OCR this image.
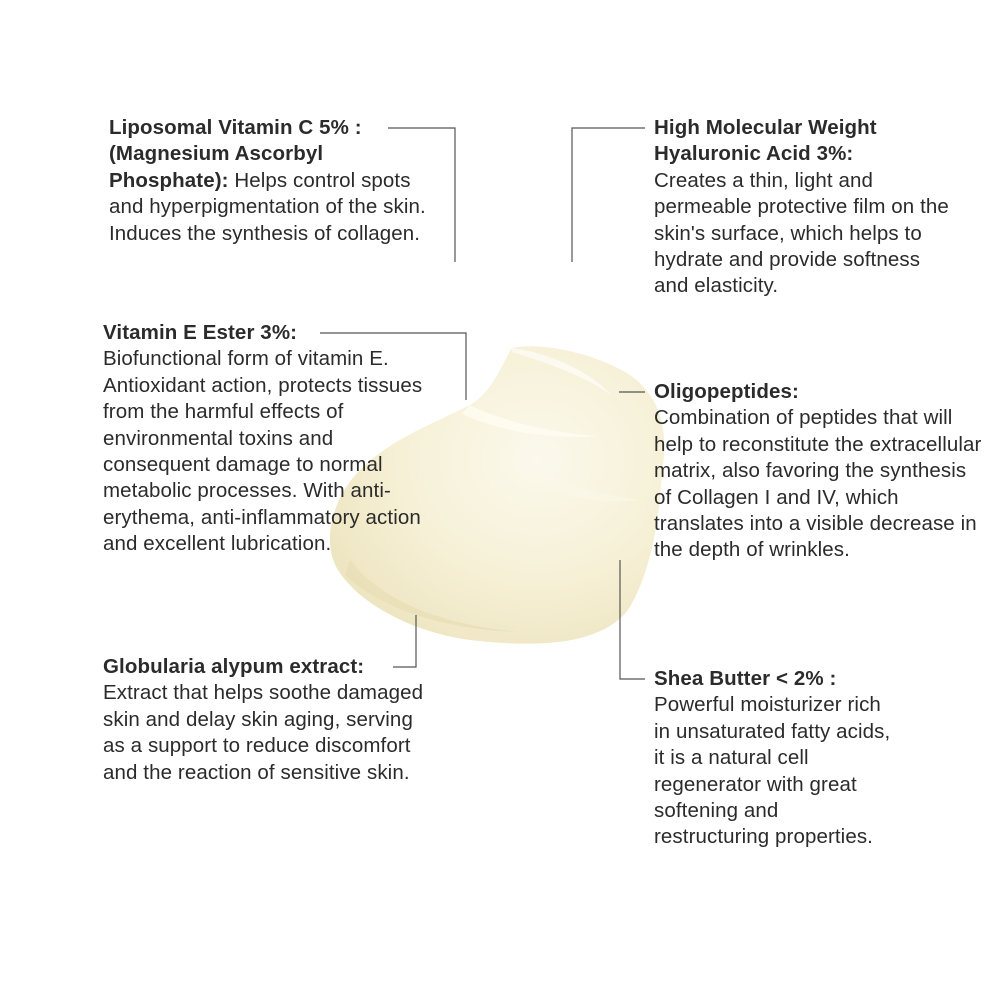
Liposomal Vitamin C 5% : (Magnesium Ascorbyl Phosphate): Helps control spots and hyperpigmentation of the skin. Induces the synthesis of collagen.
Vitamin E Ester 3%:
Biofunctional form of vitamin E. Antioxidant action, protects tissues from the harmful effects of environmental toxins and consequent damage to normal metabolic processes. With anti-erythema, anti-inflammatory action and excellent lubrication.
Globularia alypum extract:
Extract that helps soothe damaged skin and delay skin aging, serving as a support to reduce discomfort and the reaction of sensitive skin.
High Molecular Weight Hyaluronic Acid 3%:
Creates a thin, light and permeable protective film on the skin's surface, which helps to hydrate and provide softness and elasticity.
Oligopeptides:
Combination of peptides that will help to reconstitute the extracellular matrix, also favoring the synthesis of Collagen I and IV, which translates into a visible decrease in the depth of wrinkles.
Shea Butter < 2% :
Powerful moisturizer rich in unsaturated fatty acids, it is a natural cell regenerator with great softening and restructuring properties.
